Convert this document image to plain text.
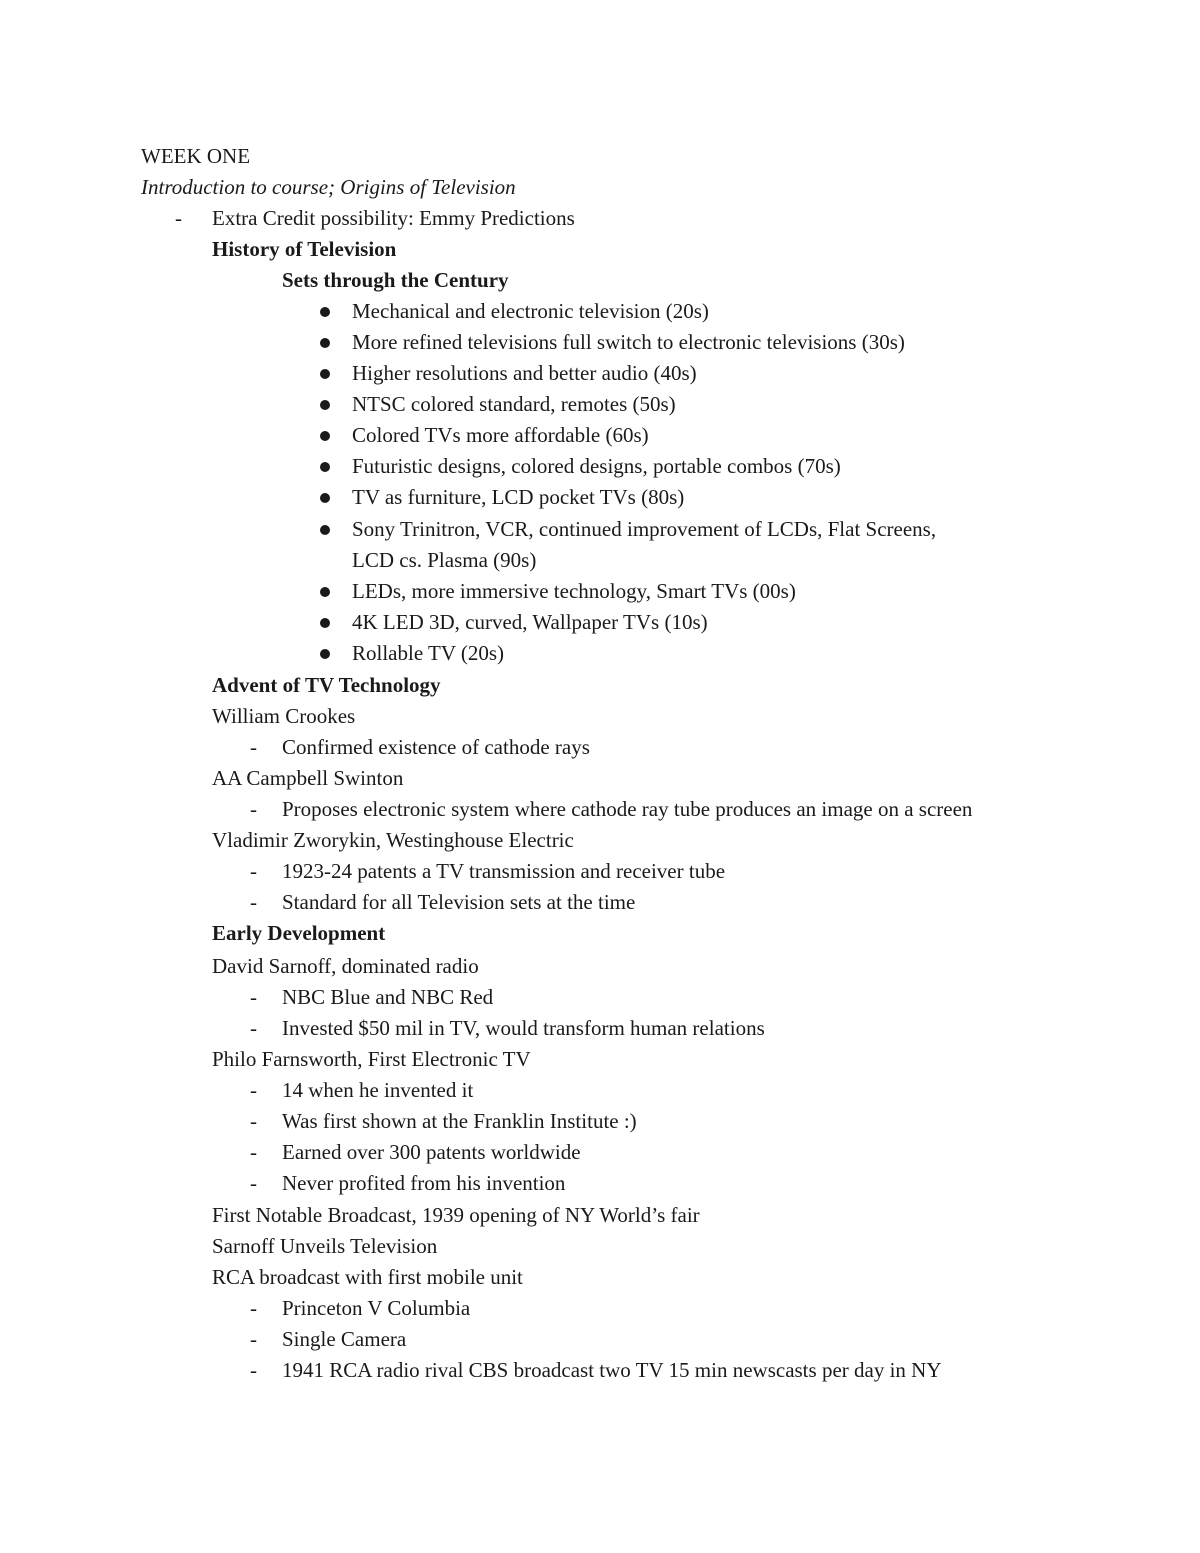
WEEK ONE
Introduction to course; Origins of Television
- Extra Credit possibility: Emmy Predictions
History of Television
Sets through the Century
Mechanical and electronic television (20s)
More refined televisions full switch to electronic televisions (30s)
Higher resolutions and better audio (40s)
NTSC colored standard, remotes (50s)
Colored TVs more affordable (60s)
Futuristic designs, colored designs, portable combos (70s)
TV as furniture, LCD pocket TVs (80s)
Sony Trinitron, VCR, continued improvement of LCDs, Flat Screens,
LCD cs. Plasma (90s)
LEDs, more immersive technology, Smart TVs (00s)
4K LED 3D, curved, Wallpaper TVs (10s)
Rollable TV (20s)
Advent of TV Technology
William Crookes
- Confirmed existence of cathode rays
AA Campbell Swinton
- Proposes electronic system where cathode ray tube produces an image on a screen
Vladimir Zworykin, Westinghouse Electric
- 1923-24 patents a TV transmission and receiver tube
- Standard for all Television sets at the time
Early Development
David Sarnoff, dominated radio
- NBC Blue and NBC Red
- Invested $50 mil in TV, would transform human relations
Philo Farnsworth, First Electronic TV
- 14 when he invented it
- Was first shown at the Franklin Institute :)
- Earned over 300 patents worldwide
- Never profited from his invention
First Notable Broadcast, 1939 opening of NY World’s fair
Sarnoff Unveils Television
RCA broadcast with first mobile unit
- Princeton V Columbia
- Single Camera
- 1941 RCA radio rival CBS broadcast two TV 15 min newscasts per day in NY
